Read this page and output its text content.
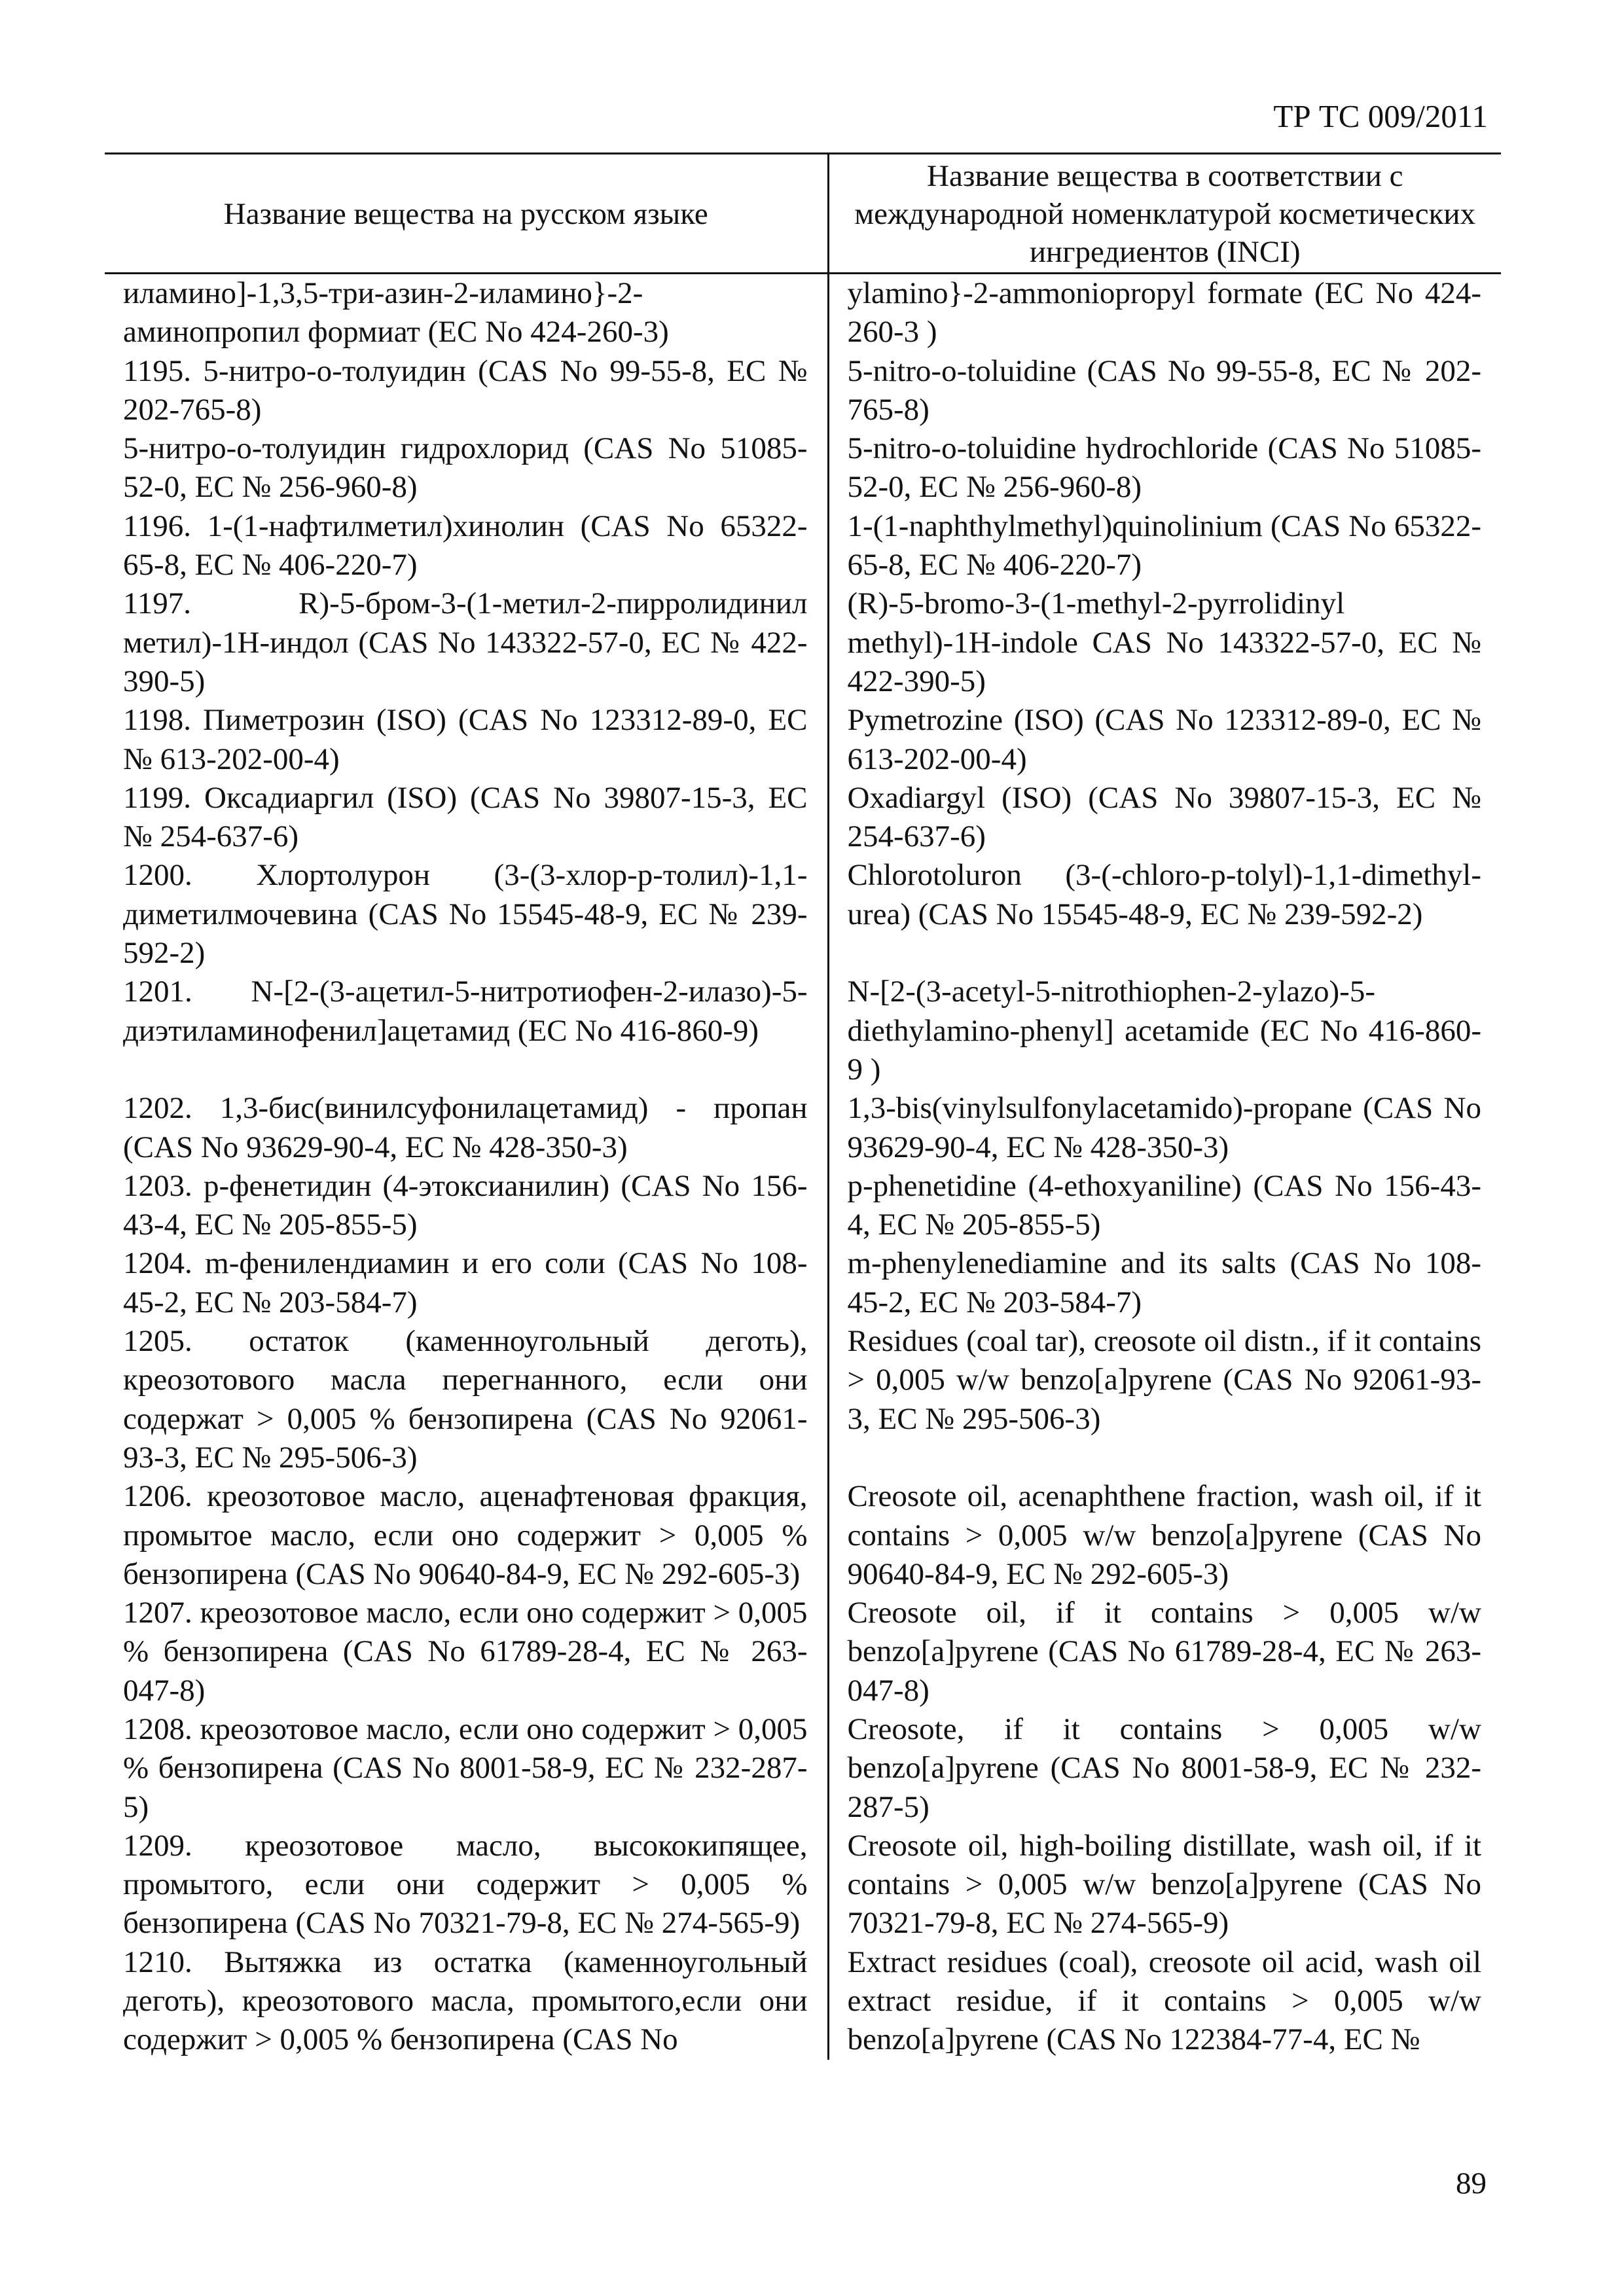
ТР ТС 009/2011
Название вещества на русском языке	Название вещества в соответствии с международной номенклатурой косметических ингредиентов (INCI)
иламино]-1,3,5-три-азин-2-иламино}-2-аминопропил формиат (ЕС No 424-260-3)	ylamino}-2-ammoniopropyl formate (ЕС No 424-260-3 )
1195. 5-нитро-о-толуидин (CAS No 99-55-8, ЕС № 202-765-8)	5-nitro-o-toluidine (CAS No 99-55-8, ЕС № 202-765-8)
5-нитро-о-толуидин гидрохлорид (CAS No 51085-52-0, ЕС № 256-960-8)	5-nitro-o-toluidine hydrochloride (CAS No 51085-52-0, ЕС № 256-960-8)
1196. 1-(1-нафтилметил)хинолин (CAS No 65322-65-8, ЕС № 406-220-7)	1-(1-naphthylmethyl)quinolinium (CAS No 65322-65-8, ЕС № 406-220-7)
1197. R)-5-бром-3-(1-метил-2-пирролидинил метил)-1H-индол (CAS No 143322-57-0, ЕС № 422-390-5)	(R)-5-bromo-3-(1-methyl-2-pyrrolidinyl methyl)-1H-indole CAS No 143322-57-0, ЕС № 422-390-5)
1198. Пиметрозин (ISO) (CAS No 123312-89-0, ЕС № 613-202-00-4)	Pymetrozine (ISO) (CAS No 123312-89-0, ЕС № 613-202-00-4)
1199. Оксадиаргил (ISO) (CAS No 39807-15-3, ЕС № 254-637-6)	Oxadiargyl (ISO) (CAS No 39807-15-3, ЕС № 254-637-6)
1200. Хлортолурон (3-(3-хлор-р-толил)-1,1-диметилмочевина (CAS No 15545-48-9, ЕС № 239-592-2)	Chlorotoluron (3-(-chloro-p-tolyl)-1,1-dimethyl-urea) (CAS No 15545-48-9, ЕС № 239-592-2)
1201. N-[2-(3-ацетил-5-нитротиофен-2-илазо)-5-диэтиламинофенил]ацетамид (ЕС No 416-860-9)	N-[2-(3-acetyl-5-nitrothiophen-2-ylazo)-5-diethylamino-phenyl] acetamide (ЕС No 416-860-9 )
1202. 1,3-бис(винилсуфонилацетамид) - пропан (CAS No 93629-90-4, ЕС № 428-350-3)	1,3-bis(vinylsulfonylacetamido)-propane (CAS No 93629-90-4, ЕС № 428-350-3)
1203. р-фенетидин (4-этоксианилин) (CAS No 156-43-4, ЕС № 205-855-5)	p-phenetidine (4-ethoxyaniline) (CAS No 156-43-4, ЕС № 205-855-5)
1204. m-фенилендиамин и его соли (CAS No 108-45-2, ЕС № 203-584-7)	m-phenylenediamine and its salts (CAS No 108-45-2, ЕС № 203-584-7)
1205. остаток (каменноугольный деготь), креозотового масла перегнанного, если они содержат > 0,005 % бензопирена (CAS No 92061-93-3, ЕС № 295-506-3)	Residues (coal tar), creosote oil distn., if it contains > 0,005 w/w benzo[a]pyrene (CAS No 92061-93-3, ЕС № 295-506-3)
1206. креозотовое масло, аценафтеновая фракция, промытое масло, если оно содержит > 0,005 % бензопирена (CAS No 90640-84-9, ЕС № 292-605-3)	Creosote oil, acenaphthene fraction, wash oil, if it contains > 0,005 w/w benzo[a]pyrene (CAS No 90640-84-9, ЕС № 292-605-3)
1207. креозотовое масло, если оно содержит > 0,005 % бензопирена (CAS No 61789-28-4, ЕС № 263-047-8)	Creosote oil, if it contains > 0,005 w/w benzo[a]pyrene (CAS No 61789-28-4, ЕС № 263-047-8)
1208. креозотовое масло, если оно содержит > 0,005 % бензопирена (CAS No 8001-58-9, ЕС № 232-287-5)	Creosote, if it contains > 0,005 w/w benzo[a]pyrene (CAS No 8001-58-9, ЕС № 232-287-5)
1209. креозотовое масло, высококипящее, промытого, если они содержит > 0,005 % бензопирена (CAS No 70321-79-8, ЕС № 274-565-9)	Creosote oil, high-boiling distillate, wash oil, if it contains > 0,005 w/w benzo[a]pyrene (CAS No 70321-79-8, ЕС № 274-565-9)
1210. Вытяжка из остатка (каменноугольный деготь), креозотового масла, промытого,если они содержит > 0,005 % бензопирена (CAS No	Extract residues (coal), creosote oil acid, wash oil extract residue, if it contains > 0,005 w/w benzo[a]pyrene (CAS No 122384-77-4, ЕС №
89
